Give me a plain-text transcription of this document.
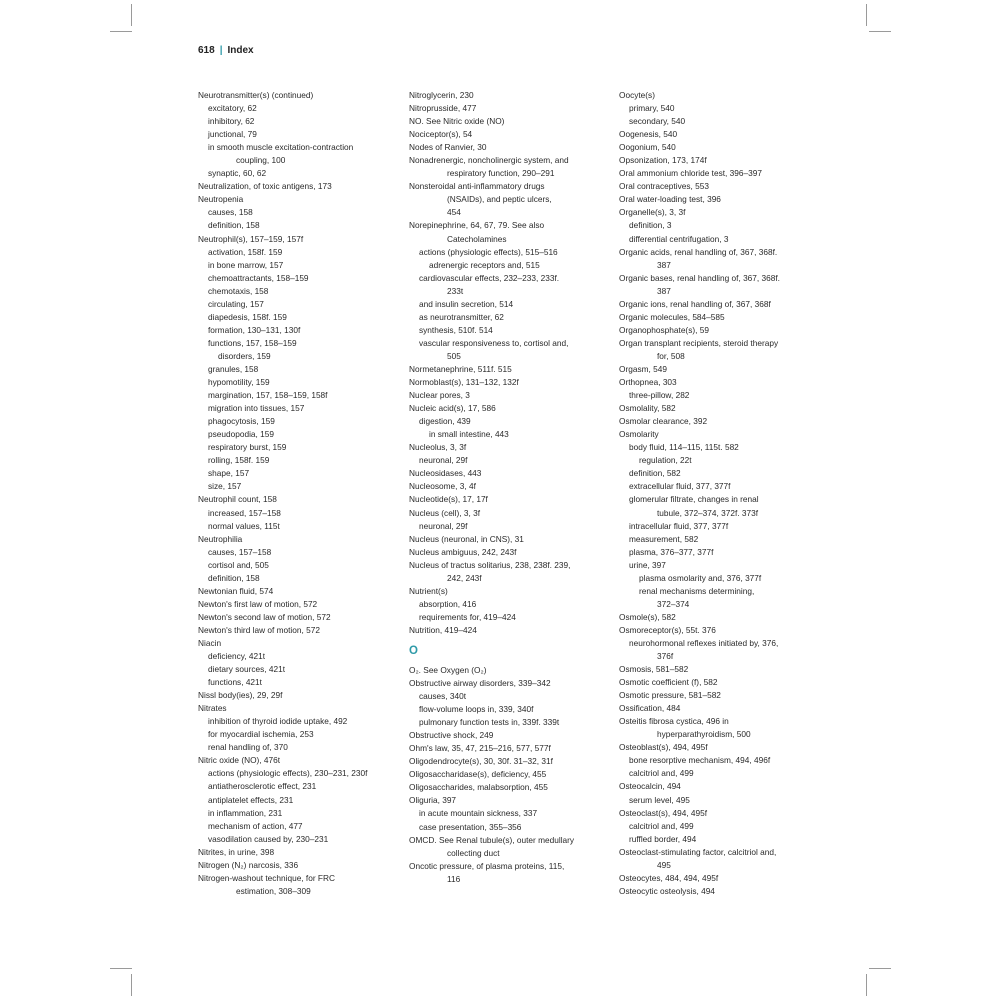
618 | Index
Neurotransmitter(s) (continued)
excitatory, 62
inhibitory, 62
junctional, 79
in smooth muscle excitation-contraction
coupling, 100
synaptic, 60, 62
Neutralization, of toxic antigens, 173
Neutropenia
causes, 158
definition, 158
Neutrophil(s), 157–159, 157f
activation, 158f. 159
in bone marrow, 157
chemoattractants, 158–159
chemotaxis, 158
circulating, 157
diapedesis, 158f. 159
formation, 130–131, 130f
functions, 157, 158–159
disorders, 159
granules, 158
hypomotility, 159
margination, 157, 158–159, 158f
migration into tissues, 157
phagocytosis, 159
pseudopodia, 159
respiratory burst, 159
rolling, 158f. 159
shape, 157
size, 157
Neutrophil count, 158
increased, 157–158
normal values, 115t
Neutrophilia
causes, 157–158
cortisol and, 505
definition, 158
Newtonian fluid, 574
Newton's first law of motion, 572
Newton's second law of motion, 572
Newton's third law of motion, 572
Niacin
deficiency, 421t
dietary sources, 421t
functions, 421t
Nissl body(ies), 29, 29f
Nitrates
inhibition of thyroid iodide uptake, 492
for myocardial ischemia, 253
renal handling of, 370
Nitric oxide (NO), 476t
actions (physiologic effects), 230–231, 230f
antiatherosclerotic effect, 231
antiplatelet effects, 231
in inflammation, 231
mechanism of action, 477
vasodilation caused by, 230–231
Nitrites, in urine, 398
Nitrogen (N₂) narcosis, 336
Nitrogen-washout technique, for FRC
estimation, 308–309
Nitroglycerin, 230
Nitroprusside, 477
NO. See Nitric oxide (NO)
Nociceptor(s), 54
Nodes of Ranvier, 30
Nonadrenergic, noncholinergic system, and
respiratory function, 290–291
Nonsteroidal anti-inflammatory drugs
(NSAIDs), and peptic ulcers,
454
Norepinephrine, 64, 67, 79. See also
Catecholamines
actions (physiologic effects), 515–516
adrenergic receptors and, 515
cardiovascular effects, 232–233, 233f.
233t
and insulin secretion, 514
as neurotransmitter, 62
synthesis, 510f. 514
vascular responsiveness to, cortisol and,
505
Normetanephrine, 511f. 515
Normoblast(s), 131–132, 132f
Nuclear pores, 3
Nucleic acid(s), 17, 586
digestion, 439
in small intestine, 443
Nucleolus, 3, 3f
neuronal, 29f
Nucleosidases, 443
Nucleosome, 3, 4f
Nucleotide(s), 17, 17f
Nucleus (cell), 3, 3f
neuronal, 29f
Nucleus (neuronal, in CNS), 31
Nucleus ambiguus, 242, 243f
Nucleus of tractus solitarius, 238, 238f. 239,
242, 243f
Nutrient(s)
absorption, 416
requirements for, 419–424
Nutrition, 419–424
O
O₂. See Oxygen (O₂)
Obstructive airway disorders, 339–342
causes, 340t
flow-volume loops in, 339, 340f
pulmonary function tests in, 339f. 339t
Obstructive shock, 249
Ohm's law, 35, 47, 215–216, 577, 577f
Oligodendrocyte(s), 30, 30f. 31–32, 31f
Oligosaccharidase(s), deficiency, 455
Oligosaccharides, malabsorption, 455
Oliguria, 397
in acute mountain sickness, 337
case presentation, 355–356
OMCD. See Renal tubule(s), outer medullary
collecting duct
Oncotic pressure, of plasma proteins, 115,
116
Oocyte(s)
primary, 540
secondary, 540
Oogenesis, 540
Oogonium, 540
Opsonization, 173, 174f
Oral ammonium chloride test, 396–397
Oral contraceptives, 553
Oral water-loading test, 396
Organelle(s), 3, 3f
definition, 3
differential centrifugation, 3
Organic acids, renal handling of, 367, 368f.
387
Organic bases, renal handling of, 367, 368f.
387
Organic ions, renal handling of, 367, 368f
Organic molecules, 584–585
Organophosphate(s), 59
Organ transplant recipients, steroid therapy
for, 508
Orgasm, 549
Orthopnea, 303
three-pillow, 282
Osmolality, 582
Osmolar clearance, 392
Osmolarity
body fluid, 114–115, 115t. 582
regulation, 22t
definition, 582
extracellular fluid, 377, 377f
glomerular filtrate, changes in renal
tubule, 372–374, 372f. 373f
intracellular fluid, 377, 377f
measurement, 582
plasma, 376–377, 377f
urine, 397
plasma osmolarity and, 376, 377f
renal mechanisms determining,
372–374
Osmole(s), 582
Osmoreceptor(s), 55t. 376
neurohormonal reflexes initiated by, 376,
376f
Osmosis, 581–582
Osmotic coefficient (f), 582
Osmotic pressure, 581–582
Ossification, 484
Osteitis fibrosa cystica, 496 in
hyperparathyroidism, 500
Osteoblast(s), 494, 495f
bone resorptive mechanism, 494, 496f
calcitriol and, 499
Osteocalcin, 494
serum level, 495
Osteoclast(s), 494, 495f
calcitriol and, 499
ruffled border, 494
Osteoclast-stimulating factor, calcitriol and,
495
Osteocytes, 484, 494, 495f
Osteocytic osteolysis, 494
